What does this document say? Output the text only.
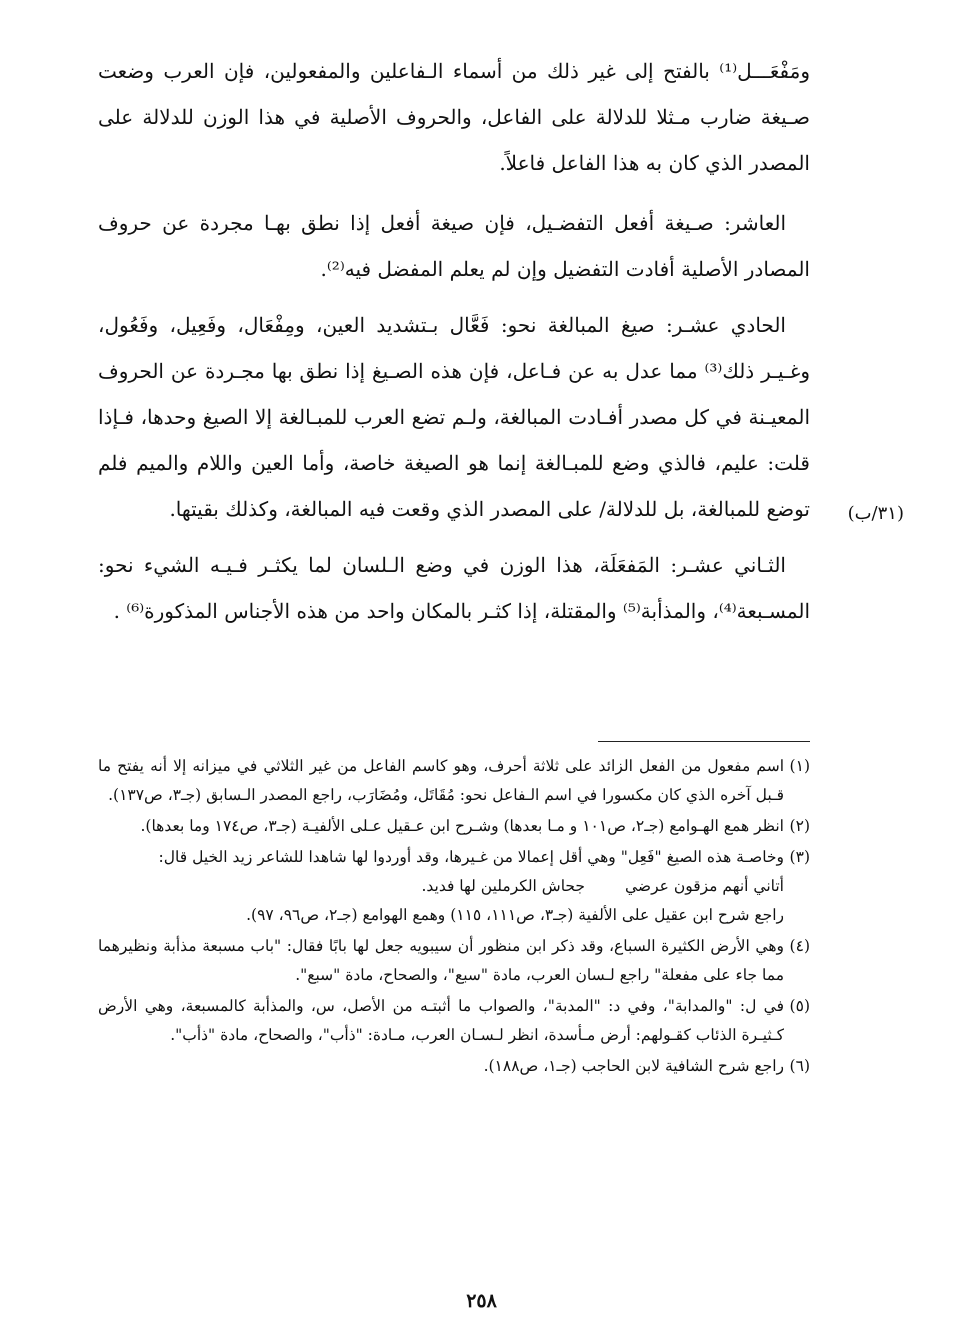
ومَفْعَـــل⁽¹⁾ بالفتح إلى غير ذلك من أسماء الـفاعلين والمفعولين، فإن العرب وضعت صـيغة ضارب مـثلا للدلالة على الفاعل، والحروف الأصلية في هذا الوزن للدلالة على المصدر الذي كان به هذا الفاعل فاعلاً.

العاشر: صـيغة أفعل التفضـيل، فإن صيغة أفعل إذا نطق بهـا مجردة عن حروف المصادر الأصلية أفادت التفضيل وإن لم يعلم المفضل فيه⁽²⁾.

الحادي عشـر: صيغ المبالغة نحو: فَعَّال بـتشديد العين، ومِفْعَال، وفَعِيل، وفَعُول، وغـيـر ذلك⁽³⁾ مما عدل به عن فـاعل، فإن هذه الصـيغ إذا نطق بها مجـردة عن الحروف المعيـنة في كل مصدر أفـادت المبالغة، ولـم تضع العرب للمبـالغة إلا الصيغ وحدها، فـإذا قلت: عليم، فالذي وضع للمبـالغة إنما هو الصيغة خاصة، وأما العين واللام والميم فلم توضع للمبالغة، بل للدلالة/ على المصدر الذي وقعت فيه المبالغة، وكذلك بقيتها.

الثـاني عشـر: المَفعَلَة، هذا الوزن في وضع الـلسان لما يكثـر فـيـه الشيء نحو: المسـبعة⁽⁴⁾، والمذأبة⁽⁵⁾ والمقتلة، إذا كثـر بالمكان واحد من هذه الأجناس المذكورة⁽⁶⁾ .

(٣١/ب)
(١)
اسم مفعول من الفعل الزائد على ثلاثة أحرف، وهو كاسم الفاعل من غير الثلاثي في ميزانه إلا أنه يفتح ما قـبل آخره الذي كان مكسورا في اسم الـفاعل نحو: مُقَاتَل، ومُضَارَب، راجع المصدر الـسابق (جـ٣، ص١٣٧).
(٢)
انظر همع الهـوامع (جـ٢، ص١٠١ و مـا بعدها) وشـرح ابن عـقيل عـلى الألفيـة (جـ٣، ص١٧٤ وما بعدها).
(٣)
وخاصـة هذه الصيغ "فَعِل" وهي أقل إعمالا من غـيرها، وقد أوردوا لها شاهدا للشاعر زيد الخيل قال:
أتاني أنهم مزقون عرضي
جحاش الكرملين لها فديد.
راجع شرح ابن عقيل على الألفية (جـ٣، ص١١١، ١١٥) وهمع الهوامع (جـ٢، ص٩٦، ٩٧).
(٤)
وهي الأرض الكثيرة السباع، وقد ذكر ابن منظور أن سيبويه جعل لها بابًا فقال: "باب مسبعة مذأبة ونظيرهما مما جاء على مفعلة" راجع لـسان العرب، مادة "سبع"، والصحاح، مادة "سبع".
(٥)
في ل: "والمدابة"، وفي د: "المدبة"، والصواب ما أثبتـه من الأصل، س، والمذأبة كالمسبعة، وهي الأرض كـثيـرة الذئاب كقـولهم: أرض مـأسدة، انظر لـسـان العرب، مـادة: "ذأب"، والصحاح، مادة "ذأب".
(٦)
راجع شرح الشافية لابن الحاجب (جـ١، ص١٨٨).
٢٥٨
